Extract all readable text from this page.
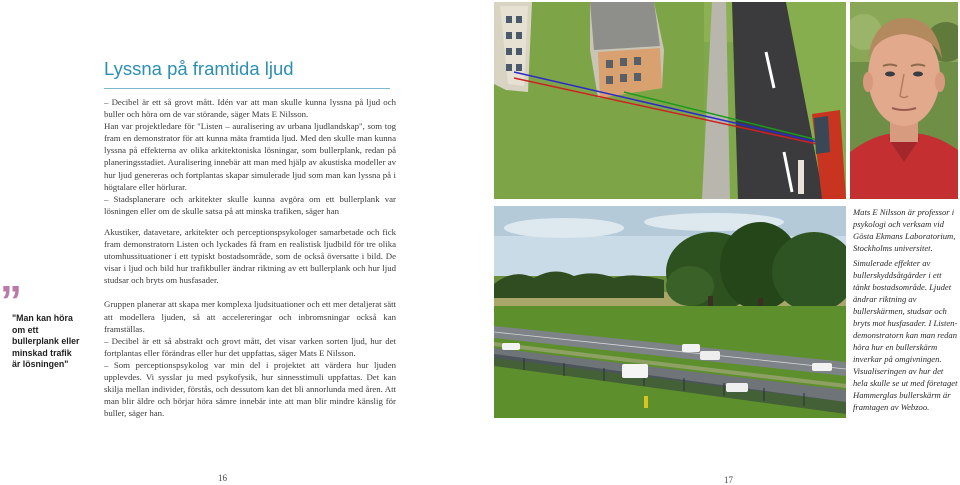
Lyssna på framtida ljud

– Decibel är ett så grovt mått. Idén var att man skulle kunna lyssna på ljud och buller och höra om de var störande, säger Mats E Nilsson.

Han var projektledare för "Listen – auralisering av urbana ljudlandskap", som tog fram en demonstrator för att kunna mäta framtida ljud. Med den skulle man kunna lyssna på effekterna av olika arkitektoniska lösningar, som bullerplank, redan på planeringsstadiet. Auralisering innebär att man med hjälp av akustiska modeller av hur ljud genereras och fortplantas skapar simulerade ljud som man kan lyssna på i högtalare eller hörlurar.

– Stadsplanerare och arkitekter skulle kunna avgöra om ett bullerplank var lösningen eller om de skulle satsa på att minska trafiken, säger han

Akustiker, datavetare, arkitekter och perceptionspsykologer samarbetade och fick fram demonstratorn Listen och lyckades få fram en realistisk ljudbild för tre olika utomhussituationer i ett typiskt bostadsområde, som de också översatte i bild. De visar i ljud och bild hur trafikbuller ändrar riktning av ett bullerplank och hur ljud studsar och bryts om husfasader.

Gruppen planerar att skapa mer komplexa ljudsituationer och ett mer detaljerat sätt att modellera ljuden, så att accelereringar och inbromsningar också kan framställas.

– Decibel är ett så abstrakt och grovt mått, det visar varken sorten ljud, hur det fortplantas eller förändras eller hur det uppfattas, säger Mats E Nilsson.

– Som perceptionspsykolog var min del i projektet att värdera hur ljuden upplevdes. Vi sysslar ju med psykofysik, hur sinnesstimuli uppfattas. Det kan skilja mellan individer, förstås, och dessutom kan det bli annorlunda med åren. Att man blir äldre och börjar höra sämre innebär inte att man blir mindre känslig för buller, säger han.

”
"Man kan höra om ett bullerplank eller minskad trafik är lösningen"
16
Mats E Nilsson är professor i psykologi och verksam vid Gösta Ekmans Laboratorium, Stockholms universitet.
Simulerade effekter av bullerskyddsåtgärder i ett tänkt bostadsområde. Ljudet ändrar riktning av bullerskärmen, studsar och bryts mot husfasader. I Listen-demonstratorn kan man redan höra hur en bullerskärm inverkar på omgivningen. Visualiseringen av hur det hela skulle se ut med företaget Hammerglas bullerskärm är framtagen av Webzoo.
17
